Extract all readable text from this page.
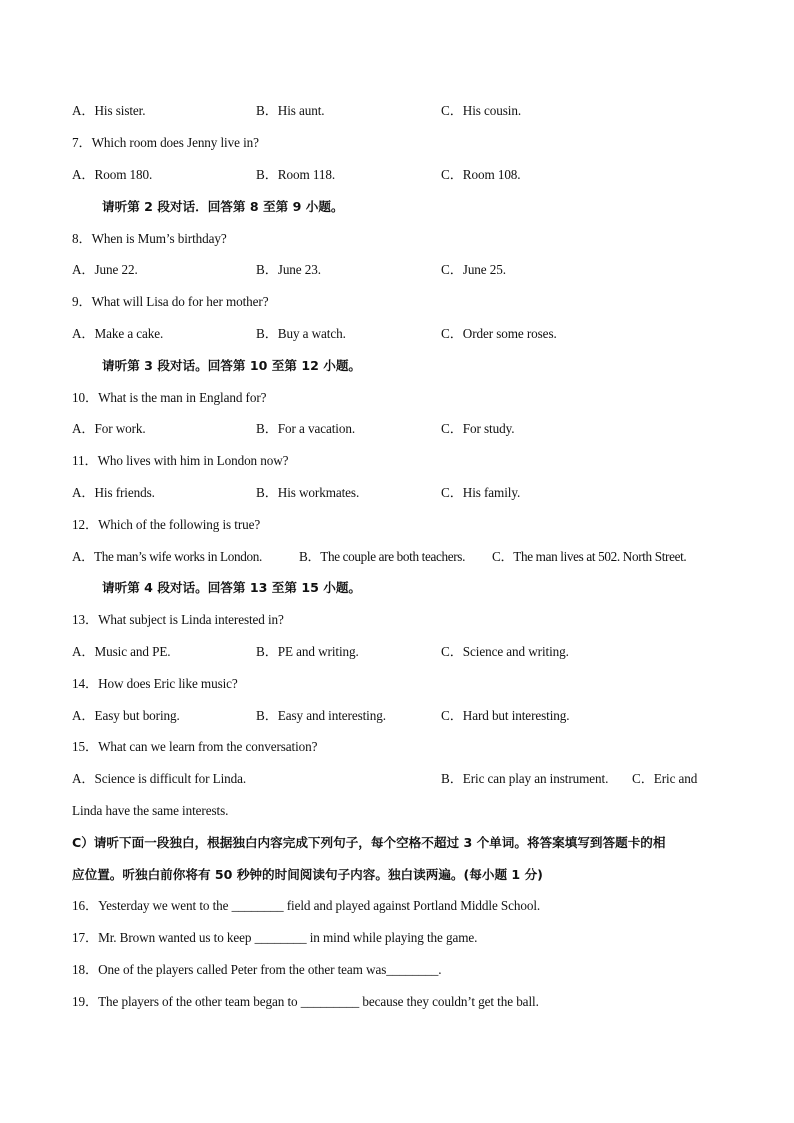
A．His sister.	B．His aunt.	C．His cousin.
7．Which room does Jenny live in?
A．Room 180.	B．Room 118.	C．Room 108.
请听第 2 段对话．回答第 8 至第 9 小题。
8．When is Mum’s birthday?
A．June 22.	B．June 23.	C．June 25.
9．What will Lisa do for her mother?
A．Make a cake.	B．Buy a watch.	C．Order some roses.
请听第 3 段对话。回答第 10 至第 12 小题。
10．What is the man in England for?
A．For work.	B．For a vacation.	C．For study.
11．Who lives with him in London now?
A．His friends.	B．His workmates.	C．His family.
12．Which of the following is true?
A．The man’s wife works in London.	B．The couple are both teachers. C．The man lives at 502. North Street.
请听第 4 段对话。回答第 13 至第 15 小题。
13．What subject is Linda interested in?
A．Music and PE.	B．PE and writing.	C．Science and writing.
14．How does Eric like music?
A．Easy but boring.	B．Easy and interesting.	C．Hard but interesting.
15．What can we learn from the conversation?
A．Science is difficult for Linda.	B．Eric can play an instrument. C．Eric and
Linda have the same interests.
C）请听下面一段独白，根据独白内容完成下列句子，每个空格不超过 3 个单词。将答案填写到答题卡的相
应位置。听独白前你将有 50 秒钟的时间阅读句子内容。独白读两遍。(每小题 1 分)
16．Yesterday we went to the ________ field and played against Portland Middle School.
17．Mr. Brown wanted us to keep ________ in mind while playing the game.
18．One of the players called Peter from the other team was________.
19．The players of the other team began to _________ because they couldn’t get the ball.
